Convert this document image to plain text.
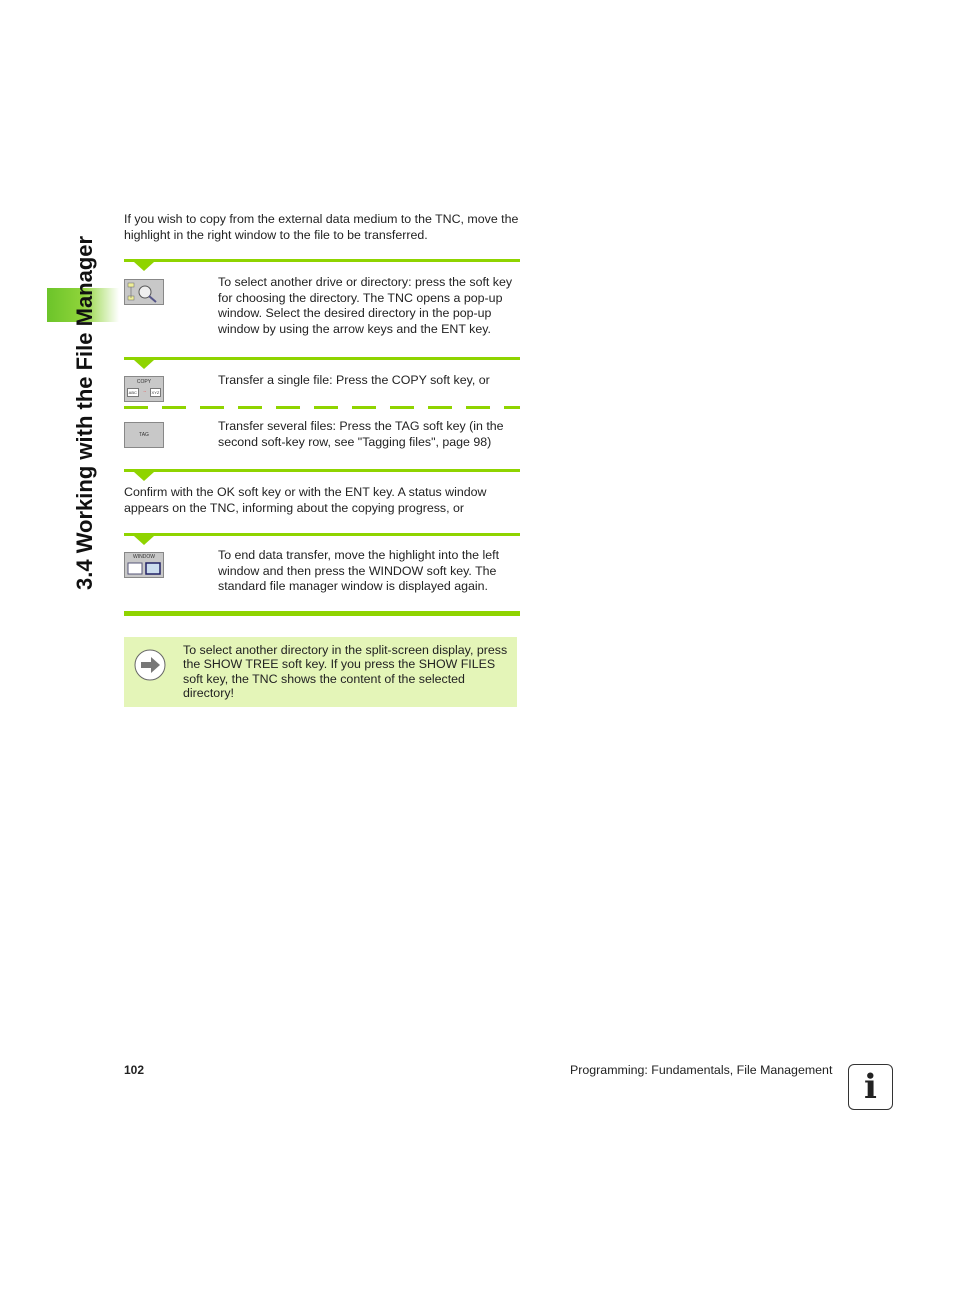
3.4 Working with the File Manager
If you wish to copy from the external data medium to the TNC, move the highlight in the right window to the file to be transferred.
To select another drive or directory: press the soft key for choosing the directory. The TNC opens a pop-up window. Select the desired directory in the pop-up window by using the arrow keys and the ENT key.
COPY
ABC	→	XYZ
Transfer a single file: Press the COPY soft key, or
TAG
Transfer several files: Press the TAG soft key (in the second soft-key row, see "Tagging files", page 98)
Confirm with the OK soft key or with the ENT key. A status window appears on the TNC, informing about the copying progress, or
WINDOW	To end data transfer, move the highlight into the left window and then press the WINDOW soft key. The standard file manager window is displayed again.
To select another directory in the split-screen display, press the SHOW TREE soft key. If you press the SHOW FILES soft key, the TNC shows the content of the selected directory!
102	Programming: Fundamentals, File Management i
